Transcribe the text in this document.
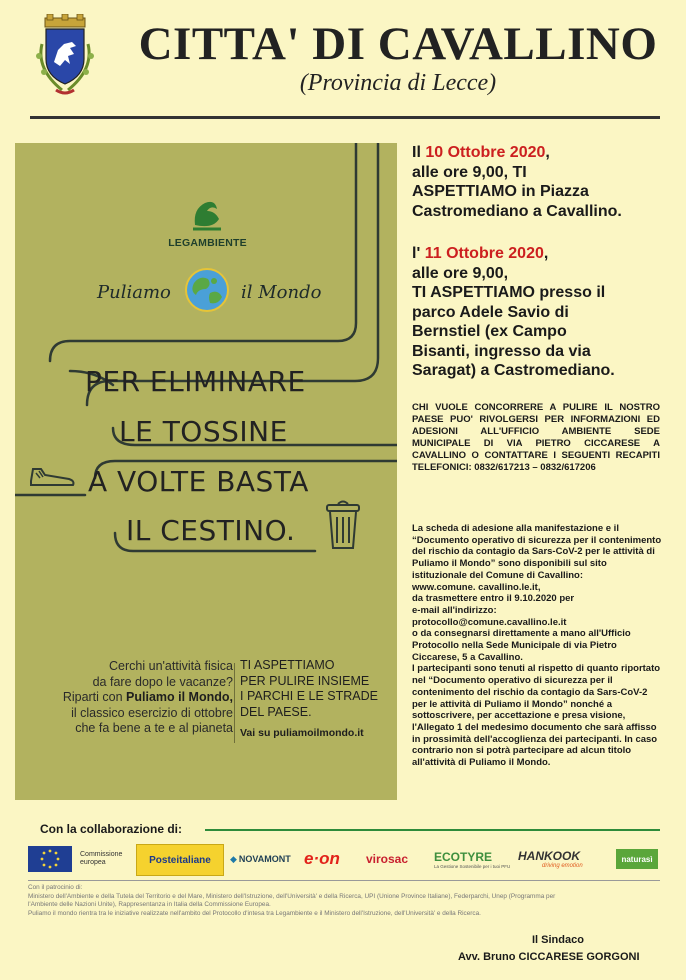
CITTA' DI CAVALLINO
(Provincia di Lecce)
LEGAMBIENTE
Puliamo	il Mondo
PER ELIMINARE
LE TOSSINE
A VOLTE BASTA
IL CESTINO.
Cerchi un'attività fisica
da fare dopo le vacanze?
Riparti con Puliamo il Mondo,
il classico esercizio di ottobre
che fa bene a te e al pianeta
TI ASPETTIAMO
PER PULIRE INSIEME
I PARCHI E LE STRADE
DEL PAESE.
Vai su puliamoilmondo.it
Il 10 Ottobre 2020,
alle ore 9,00, TI
ASPETTIAMO in Piazza
Castromediano a Cavallino.
l' 11 Ottobre 2020,
alle ore 9,00,
TI ASPETTIAMO presso il
parco Adele Savio di
Bernstiel (ex Campo
Bisanti, ingresso da via
Saragat) a Castromediano.
CHI VUOLE CONCORRERE A PULIRE IL NOSTRO PAESE PUO' RIVOLGERSI PER INFORMAZIONI ED ADESIONI ALL'UFFICIO AMBIENTE SEDE MUNICIPALE DI VIA PIETRO CICCARESE A CAVALLINO O CONTATTARE I SEGUENTI RECAPITI TELEFONICI: 0832/617213 – 0832/617206

La scheda di adesione alla manifestazione e il “Documento operativo di sicurezza per il contenimento del rischio da contagio da Sars-CoV-2 per le attività di Puliamo il Mondo” sono disponibili sul sito istituzionale del Comune di Cavallino:

www.comune. cavallino.le.it,

da trasmettere entro il 9.10.2020 per

e-mail all'indirizzo:

protocollo@comune.cavallino.le.it

o da consegnarsi direttamente a mano all'Ufficio Protocollo nella Sede Municipale di via Pietro Ciccarese, 5 a Cavallino.

I partecipanti sono tenuti al rispetto di quanto riportato nel “Documento operativo di sicurezza per il contenimento del rischio da contagio da Sars-CoV-2 per le attività di Puliamo il Mondo” nonché a sottoscrivere, per accettazione e presa visione, l'Allegato 1 del medesimo documento che sarà affisso in prossimità dell'accoglienza dei partecipanti. In caso contrario non si potrà partecipare ad alcun titolo all'attività di Puliamo il Mondo.

Con la collaborazione di:
Commissione
europea	Posteitaliane ◆ NOVAMONT e·on virosac ECOTYRE
La Gestione Sostenibile per i tuoi PFU
HANKOOK
driving emotion
naturasì

Con il patrocinio di:

Ministero dell'Ambiente e della Tutela del Territorio e del Mare, Ministero dell'Istruzione, dell'Università' e della Ricerca, UPI (Unione Province Italiane), Federparchi, Unep (Programma per

l'Ambiente delle Nazioni Unite), Rappresentanza in Italia della Commissione Europea.

Puliamo il mondo rientra tra le iniziative realizzate nell'ambito del Protocollo d'intesa tra Legambiente e il Ministero dell'Istruzione, dell'Università' e della Ricerca.

Il Sindaco
Avv. Bruno CICCARESE GORGONI
